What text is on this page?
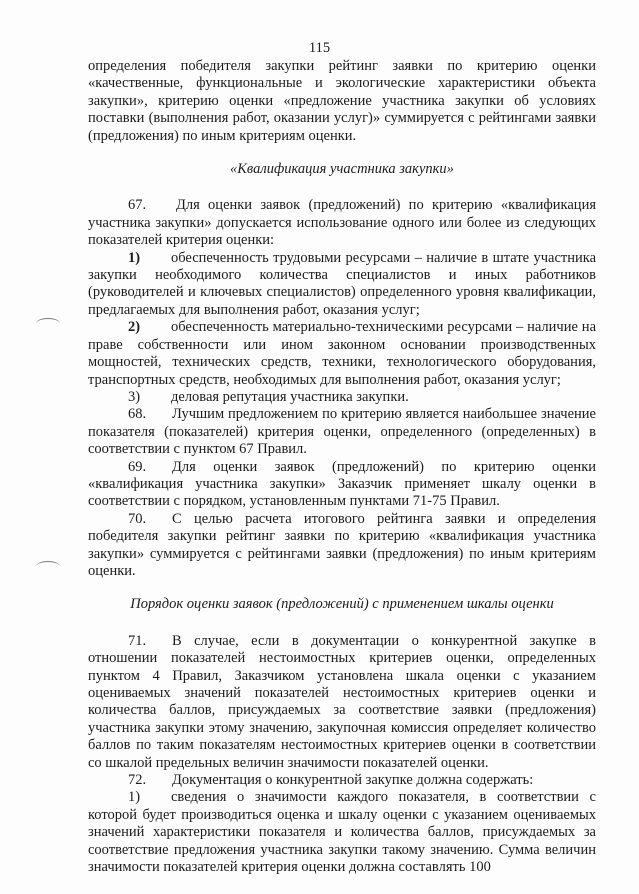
115

определения победителя закупки рейтинг заявки по критерию оценки «качественные, функциональные и экологические характеристики объекта закупки», критерию оценки «предложение участника закупки об условиях поставки (выполнения работ, оказании услуг)» суммируется с рейтингами заявки (предложения) по иным критериям оценки.

«Квалификация участника закупки»

67. Для оценки заявок (предложений) по критерию «квалификация участника закупки» допускается использование одного или более из следующих показателей критерия оценки:

1) обеспеченность трудовыми ресурсами – наличие в штате участника закупки необходимого количества специалистов и иных работников (руководителей и ключевых специалистов) определенного уровня квалификации, предлагаемых для выполнения работ, оказания услуг;

2) обеспеченность материально-техническими ресурсами – наличие на праве собственности или ином законном основании производственных мощностей, технических средств, техники, технологического оборудования, транспортных средств, необходимых для выполнения работ, оказания услуг;

3) деловая репутация участника закупки.

68. Лучшим предложением по критерию является наибольшее значение показателя (показателей) критерия оценки, определенного (определенных) в соответствии с пунктом 67 Правил.

69. Для оценки заявок (предложений) по критерию оценки «квалификация участника закупки» Заказчик применяет шкалу оценки в соответствии с порядком, установленным пунктами 71-75 Правил.

70. С целью расчета итогового рейтинга заявки и определения победителя закупки рейтинг заявки по критерию «квалификация участника закупки» суммируется с рейтингами заявки (предложения) по иным критериям оценки.

Порядок оценки заявок (предложений) с применением шкалы оценки

71. В случае, если в документации о конкурентной закупке в отношении показателей нестоимостных критериев оценки, определенных пунктом 4 Правил, Заказчиком установлена шкала оценки с указанием оцениваемых значений показателей нестоимостных критериев оценки и количества баллов, присуждаемых за соответствие заявки (предложения) участника закупки этому значению, закупочная комиссия определяет количество баллов по таким показателям нестоимостных критериев оценки в соответствии со шкалой предельных величин значимости показателей оценки.

72. Документация о конкурентной закупке должна содержать:

1) сведения о значимости каждого показателя, в соответствии с которой будет производиться оценка и шкалу оценки с указанием оцениваемых значений характеристики показателя и количества баллов, присуждаемых за соответствие предложения участника закупки такому значению. Сумма величин значимости показателей критерия оценки должна составлять 100
